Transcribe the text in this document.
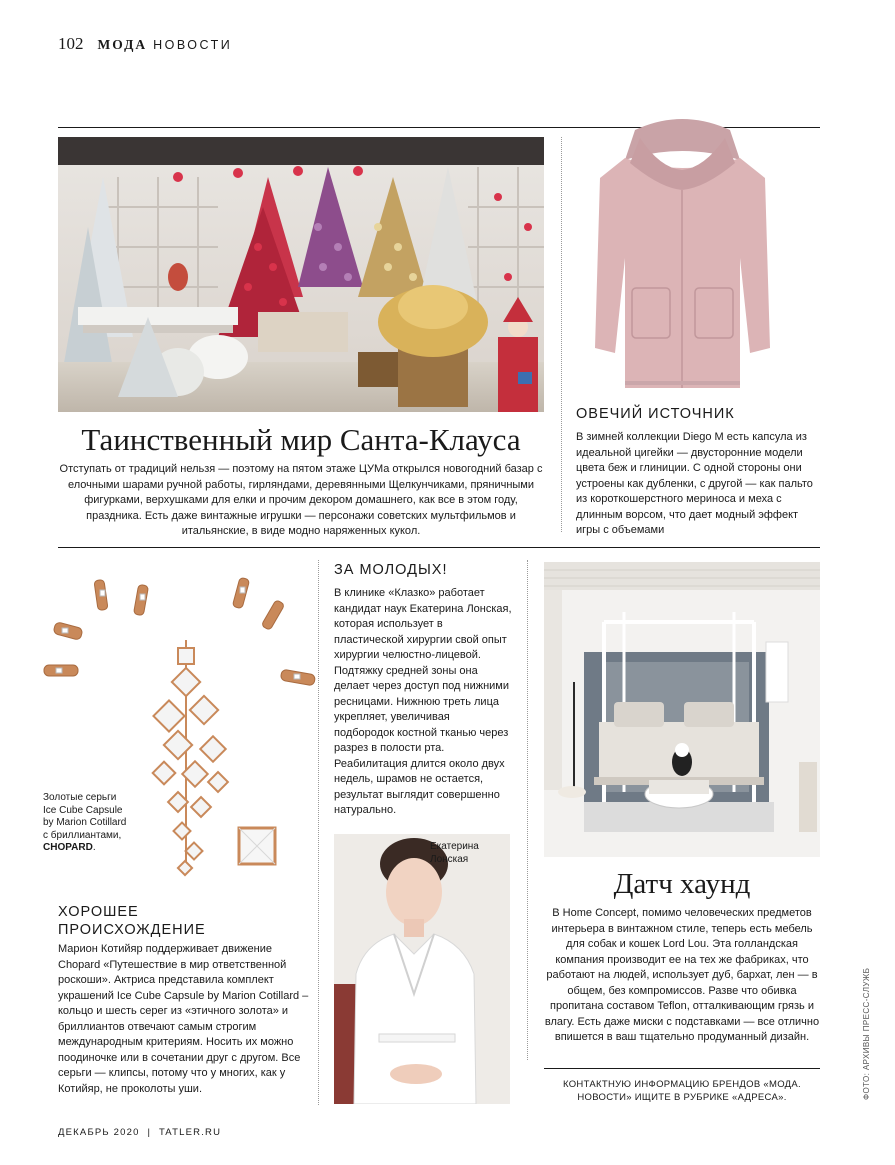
102 МОДА НОВОСТИ
Таинственный мир Санта-Клауса
Отступать от традиций нельзя — поэтому на пятом этаже ЦУМа открылся новогодний базар с елочными шарами ручной работы, гирляндами, деревянными Щелкунчиками, пряничными фигурками, верхушками для елки и прочим декором домашнего, как все в этом году, праздника. Есть даже винтажные игрушки — персонажи советских мультфильмов и итальянские, в виде модно наряженных кукол.
ОВЕЧИЙ ИСТОЧНИК
В зимней коллекции Diego M есть капсула из идеальной цигейки — двусторонние модели цвета беж и глиниции. С одной стороны они устроены как дубленки, с другой — как пальто из короткошерстного мериноса и меха с длинным ворсом, что дает модный эффект игры с объемами
Золотые серьги
Ice Cube Capsule
by Marion Cotillard
с бриллиантами,
CHOPARD.
ХОРОШЕЕ
ПРОИСХОЖДЕНИЕ
Марион Котийяр поддерживает движение Chopard «Путешествие в мир ответственной роскоши». Актриса представила комплект украшений Ice Cube Capsule by Marion Cotillard – кольцо и шесть серег из «этичного золота» и бриллиантов отвечают самым строгим международным критериям. Носить их можно поодиночке или в сочетании друг с другом. Все серьги — клипсы, потому что у многих, как у Котийяр, не проколоты уши.
ЗА МОЛОДЫХ!
В клинике «Клазко» работает кандидат наук Екатерина Лонская, которая использует в пластической хирургии свой опыт хирургии челюстно-лицевой. Подтяжку средней зоны она делает через доступ под нижними ресницами. Нижнюю треть лица укрепляет, увеличивая подбородок костной тканью через разрез в полости рта. Реабилитация длится около двух недель, шрамов не остается, результат выглядит совершенно натурально.
Екатерина
Лонская
Датч хаунд
В Home Concept, помимо человеческих предметов интерьера в винтажном стиле, теперь есть мебель для собак и кошек Lord Lou. Эта голландская компания производит ее на тех же фабриках, что работают на людей, использует дуб, бархат, лен — в общем, без компромиссов. Разве что обивка пропитана составом Teflon, отталкивающим грязь и влагу. Есть даже миски с подставками — все отлично впишется в ваш тщательно продуманный дизайн.
КОНТАКТНУЮ ИНФОРМАЦИЮ БРЕНДОВ «МОДА.
НОВОСТИ» ИЩИТЕ В РУБРИКЕ «АДРЕСА».	ФОТО: АРХИВЫ ПРЕСС-СЛУЖБ
ДЕКАБРЬ 2020 | TATLER.RU
